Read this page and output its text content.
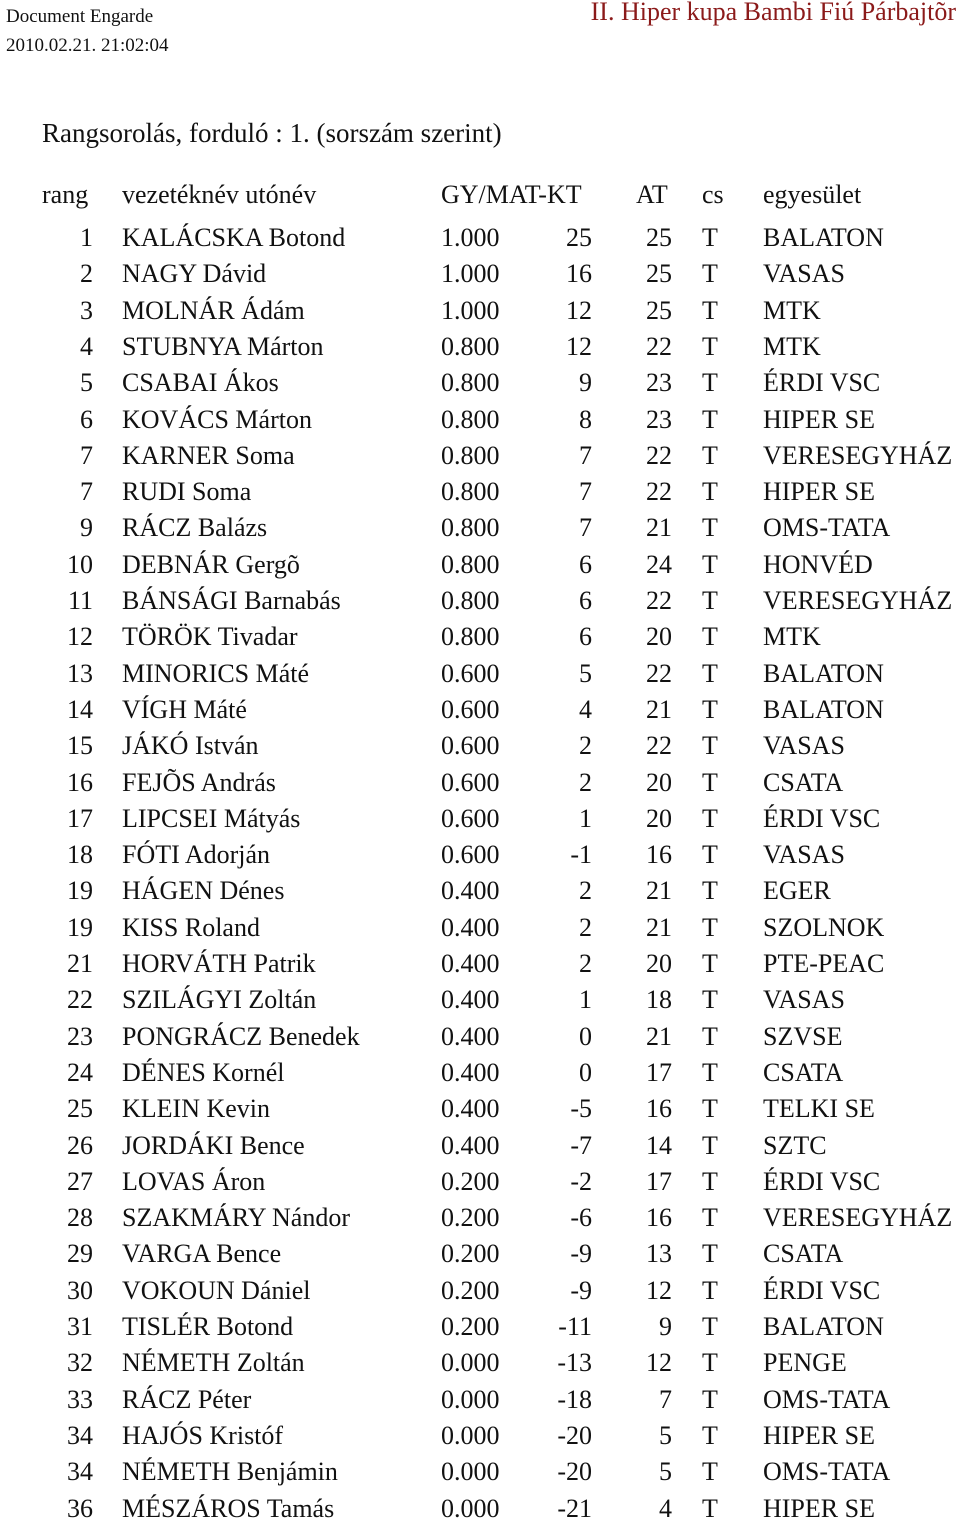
Document Engarde
2010.02.21. 21:02:04
II. Hiper kupa Bambi Fiú Párbajtõr
Rangsorolás, forduló : 1. (sorszám szerint)
rang vezetéknév utónév	GY/MAT-KT AT cs egyesület
1 KALÁCSKA Botond	1.000	25 25 T BALATON
2 NAGY Dávid	1.000	16 25 T VASAS
3 MOLNÁR Ádám	1.000	12 25 T MTK
4 STUBNYA Márton	0.800	12 22 T MTK
5 CSABAI Ákos	0.800	9 23 T ÉRDI VSC
6 KOVÁCS Márton	0.800	8 23 T HIPER SE
7 KARNER Soma	0.800	7 22 T VERESEGYHÁZ
7 RUDI Soma	0.800	7 22 T HIPER SE
9 RÁCZ Balázs	0.800	7 21 T OMS-TATA
10 DEBNÁR Gergõ	0.800	6 24 T HONVÉD
11 BÁNSÁGI Barnabás	0.800	6 22 T VERESEGYHÁZ
12 TÖRÖK Tivadar	0.800	6 20 T MTK
13 MINORICS Máté	0.600	5 22 T BALATON
14 VÍGH Máté	0.600	4 21 T BALATON
15 JÁKÓ István	0.600	2 22 T VASAS
16 FEJÕS András	0.600	2 20 T CSATA
17 LIPCSEI Mátyás	0.600	1 20 T ÉRDI VSC
18 FÓTI Adorján	0.600	-1 16 T VASAS
19 HÁGEN Dénes	0.400	2 21 T EGER
19 KISS Roland	0.400	2 21 T SZOLNOK
21 HORVÁTH Patrik	0.400	2 20 T PTE-PEAC
22 SZILÁGYI Zoltán	0.400	1 18 T VASAS
23 PONGRÁCZ Benedek	0.400	0 21 T SZVSE
24 DÉNES Kornél	0.400	0 17 T CSATA
25 KLEIN Kevin	0.400	-5 16 T TELKI SE
26 JORDÁKI Bence	0.400	-7 14 T SZTC
27 LOVAS Áron	0.200	-2 17 T ÉRDI VSC
28 SZAKMÁRY Nándor	0.200	-6 16 T VERESEGYHÁZ
29 VARGA Bence	0.200	-9 13 T CSATA
30 VOKOUN Dániel	0.200	-9 12 T ÉRDI VSC
31 TISLÉR Botond	0.200 -11	9 T BALATON
32 NÉMETH Zoltán	0.000 -13 12 T PENGE
33 RÁCZ Péter	0.000 -18	7 T OMS-TATA
34 HAJÓS Kristóf	0.000 -20	5 T HIPER SE
34 NÉMETH Benjámin	0.000 -20	5 T OMS-TATA
36 MÉSZÁROS Tamás	0.000 -21	4 T HIPER SE
